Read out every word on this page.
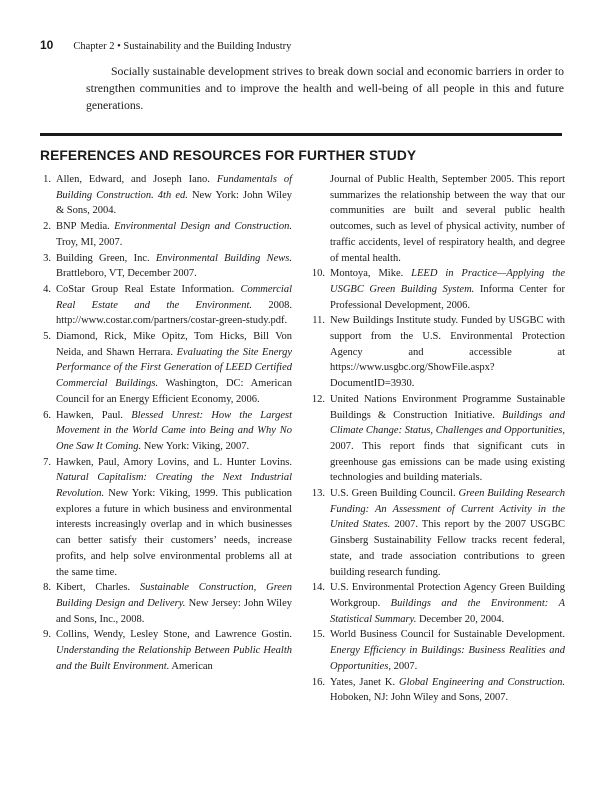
10 Chapter 2 • Sustainability and the Building Industry

Socially sustainable development strives to break down social and economic barriers in order to strengthen communities and to improve the health and well-being of all people in this and future generations.

REFERENCES AND RESOURCES FOR FURTHER STUDY
1. Allen, Edward, and Joseph Iano. Fundamentals of Building Construction. 4th ed. New York: John Wiley & Sons, 2004.
2. BNP Media. Environmental Design and Construction. Troy, MI, 2007.
3. Building Green, Inc. Environmental Building News. Brattleboro, VT, December 2007.
4. CoStar Group Real Estate Information. Commercial Real Estate and the Environment. 2008. http://www.costar.com/partners/costar-green-study.pdf.
5. Diamond, Rick, Mike Opitz, Tom Hicks, Bill Von Neida, and Shawn Herrara. Evaluating the Site Energy Performance of the First Generation of LEED Certified Commercial Buildings. Washington, DC: American Council for an Energy Efficient Economy, 2006.
6. Hawken, Paul. Blessed Unrest: How the Largest Movement in the World Came into Being and Why No One Saw It Coming. New York: Viking, 2007.
7. Hawken, Paul, Amory Lovins, and L. Hunter Lovins. Natural Capitalism: Creating the Next Industrial Revolution. New York: Viking, 1999. This publication explores a future in which business and environmental interests increasingly overlap and in which businesses can better satisfy their customers’ needs, increase profits, and help solve environmental problems all at the same time.
8. Kibert, Charles. Sustainable Construction, Green Building Design and Delivery. New Jersey: John Wiley and Sons, Inc., 2008.
9. Collins, Wendy, Lesley Stone, and Lawrence Gostin. Understanding the Relationship Between Public Health and the Built Environment. American

Journal of Public Health, September 2005. This report summarizes the relationship between the way that our communities are built and several public health outcomes, such as level of physical activity, number of traffic accidents, level of respiratory health, and degree of mental health.

10. Montoya, Mike. LEED in Practice—Applying the USGBC Green Building System. Informa Center for Professional Development, 2006.
11. New Buildings Institute study. Funded by USGBC with support from the U.S. Environmental Protection Agency and accessible at https://www.usgbc.org/ShowFile.aspx?DocumentID=3930.
12. United Nations Environment Programme Sustainable Buildings & Construction Initiative. Buildings and Climate Change: Status, Challenges and Opportunities, 2007. This report finds that significant cuts in greenhouse gas emissions can be made using existing technologies and building materials.
13. U.S. Green Building Council. Green Building Research Funding: An Assessment of Current Activity in the United States. 2007. This report by the 2007 USGBC Ginsberg Sustainability Fellow tracks recent federal, state, and trade association contributions to green building research funding.
14. U.S. Environmental Protection Agency Green Building Workgroup. Buildings and the Environment: A Statistical Summary. December 20, 2004.
15. World Business Council for Sustainable Development. Energy Efficiency in Buildings: Business Realities and Opportunities, 2007.
16. Yates, Janet K. Global Engineering and Construction. Hoboken, NJ: John Wiley and Sons, 2007.
